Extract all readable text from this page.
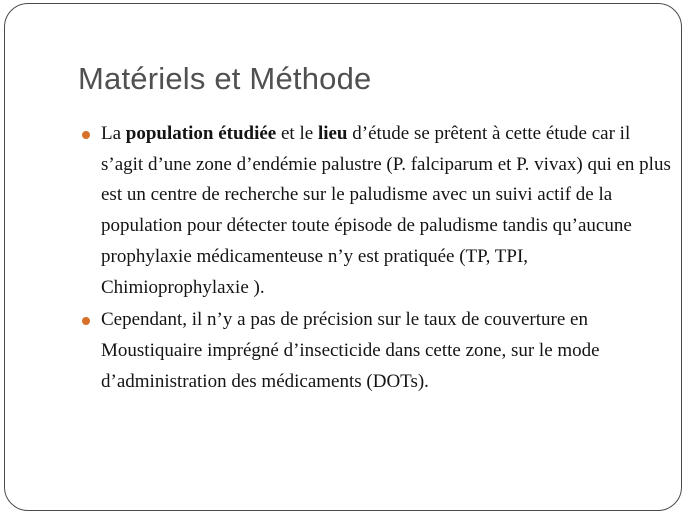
Matériels et Méthode
La population étudiée et le lieu d’étude se prêtent à cette étude car il s’agit d’une zone d’endémie palustre (P. falciparum et P. vivax) qui en plus est un centre de recherche sur le paludisme avec un suivi actif de la population pour détecter toute épisode de paludisme tandis qu’aucune prophylaxie médicamenteuse n’y est pratiquée (TP, TPI, Chimioprophylaxie ).
Cependant, il n’y a pas de précision sur le taux de couverture en Moustiquaire imprégné d’insecticide dans cette zone, sur le mode d’administration des médicaments (DOTs).
